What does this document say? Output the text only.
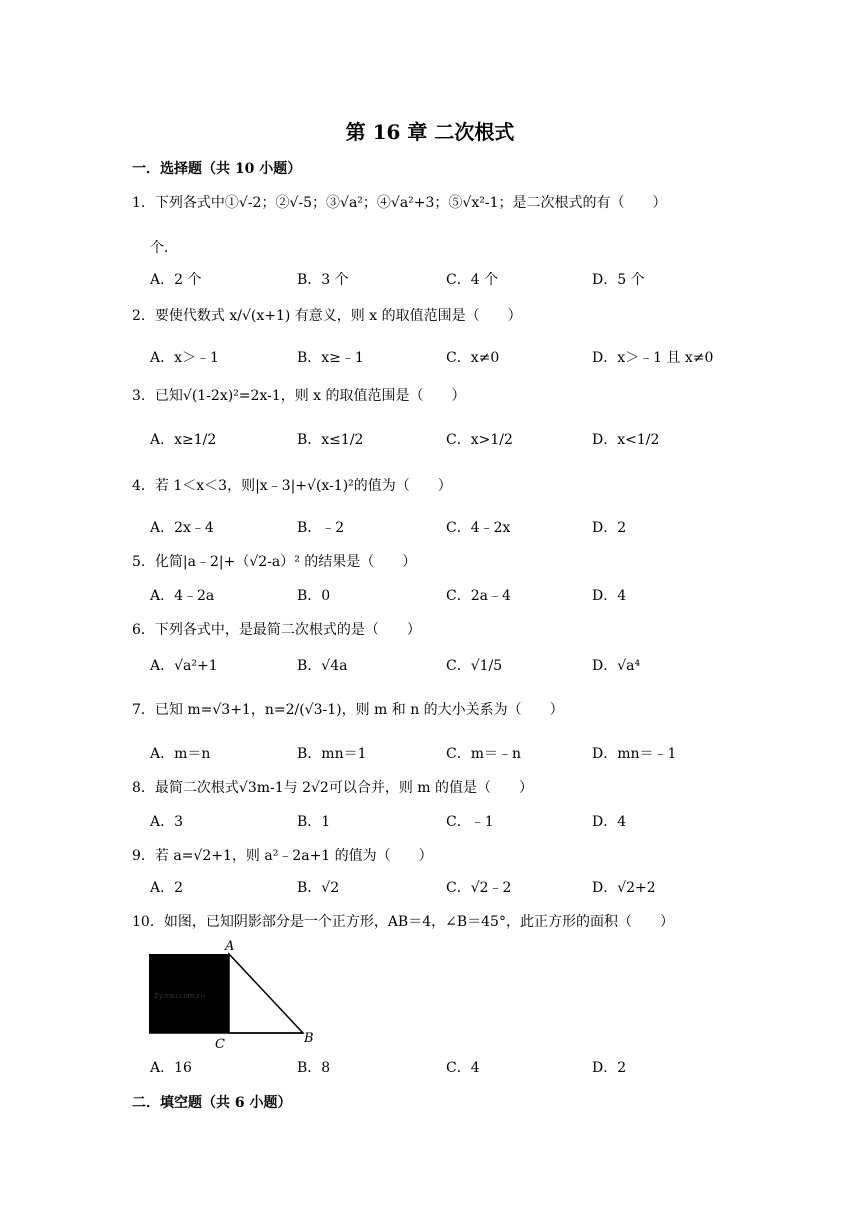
第 16 章 二次根式
一．选择题（共 10 小题）
1．下列各式中①√-2；②√-5；③√a²；④√a²+3；⑤√x²-1；是二次根式的有（　　）
个．
A．2 个	B．3 个	C．4 个	D．5 个
2．要使代数式 x/√(x+1) 有意义，则 x 的取值范围是（　　）
A．x＞﹣1	B．x≥﹣1	C．x≠0	D．x＞﹣1 且 x≠0
3．已知√(1-2x)²=2x-1，则 x 的取值范围是（　　）
A．x≥1/2	B．x≤1/2	C．x>1/2	D．x<1/2
4．若 1＜x＜3，则|x﹣3|+√(x-1)²的值为（　　）
A．2x﹣4	B．﹣2	C．4﹣2x	D．2
5．化简|a﹣2|+（√2-a）² 的结果是（　　）
A．4﹣2a	B．0	C．2a﹣4	D．4
6．下列各式中，是最简二次根式的是（　　）
A．√a²+1	B．√4a	C．√1/5	D．√a⁴
7．已知 m=√3+1，n=2/(√3-1)，则 m 和 n 的大小关系为（　　）
A．m＝n	B．mn＝1	C．m＝﹣n	D．mn＝﹣1
8．最简二次根式√3m-1与 2√2可以合并，则 m 的值是（　　）
A．3	B．1	C．﹣1	D．4
9．若 a=√2+1，则 a²﹣2a+1 的值为（　　）
A．2	B．√2	C．√2﹣2	D．√2+2
10．如图，已知阴影部分是一个正方形，AB＝4，∠B＝45°，此正方形的面积（　　）
Zy.edu.com.cn
A
B
C
A．16	B．8	C．4	D．2
二．填空题（共 6 小题）
